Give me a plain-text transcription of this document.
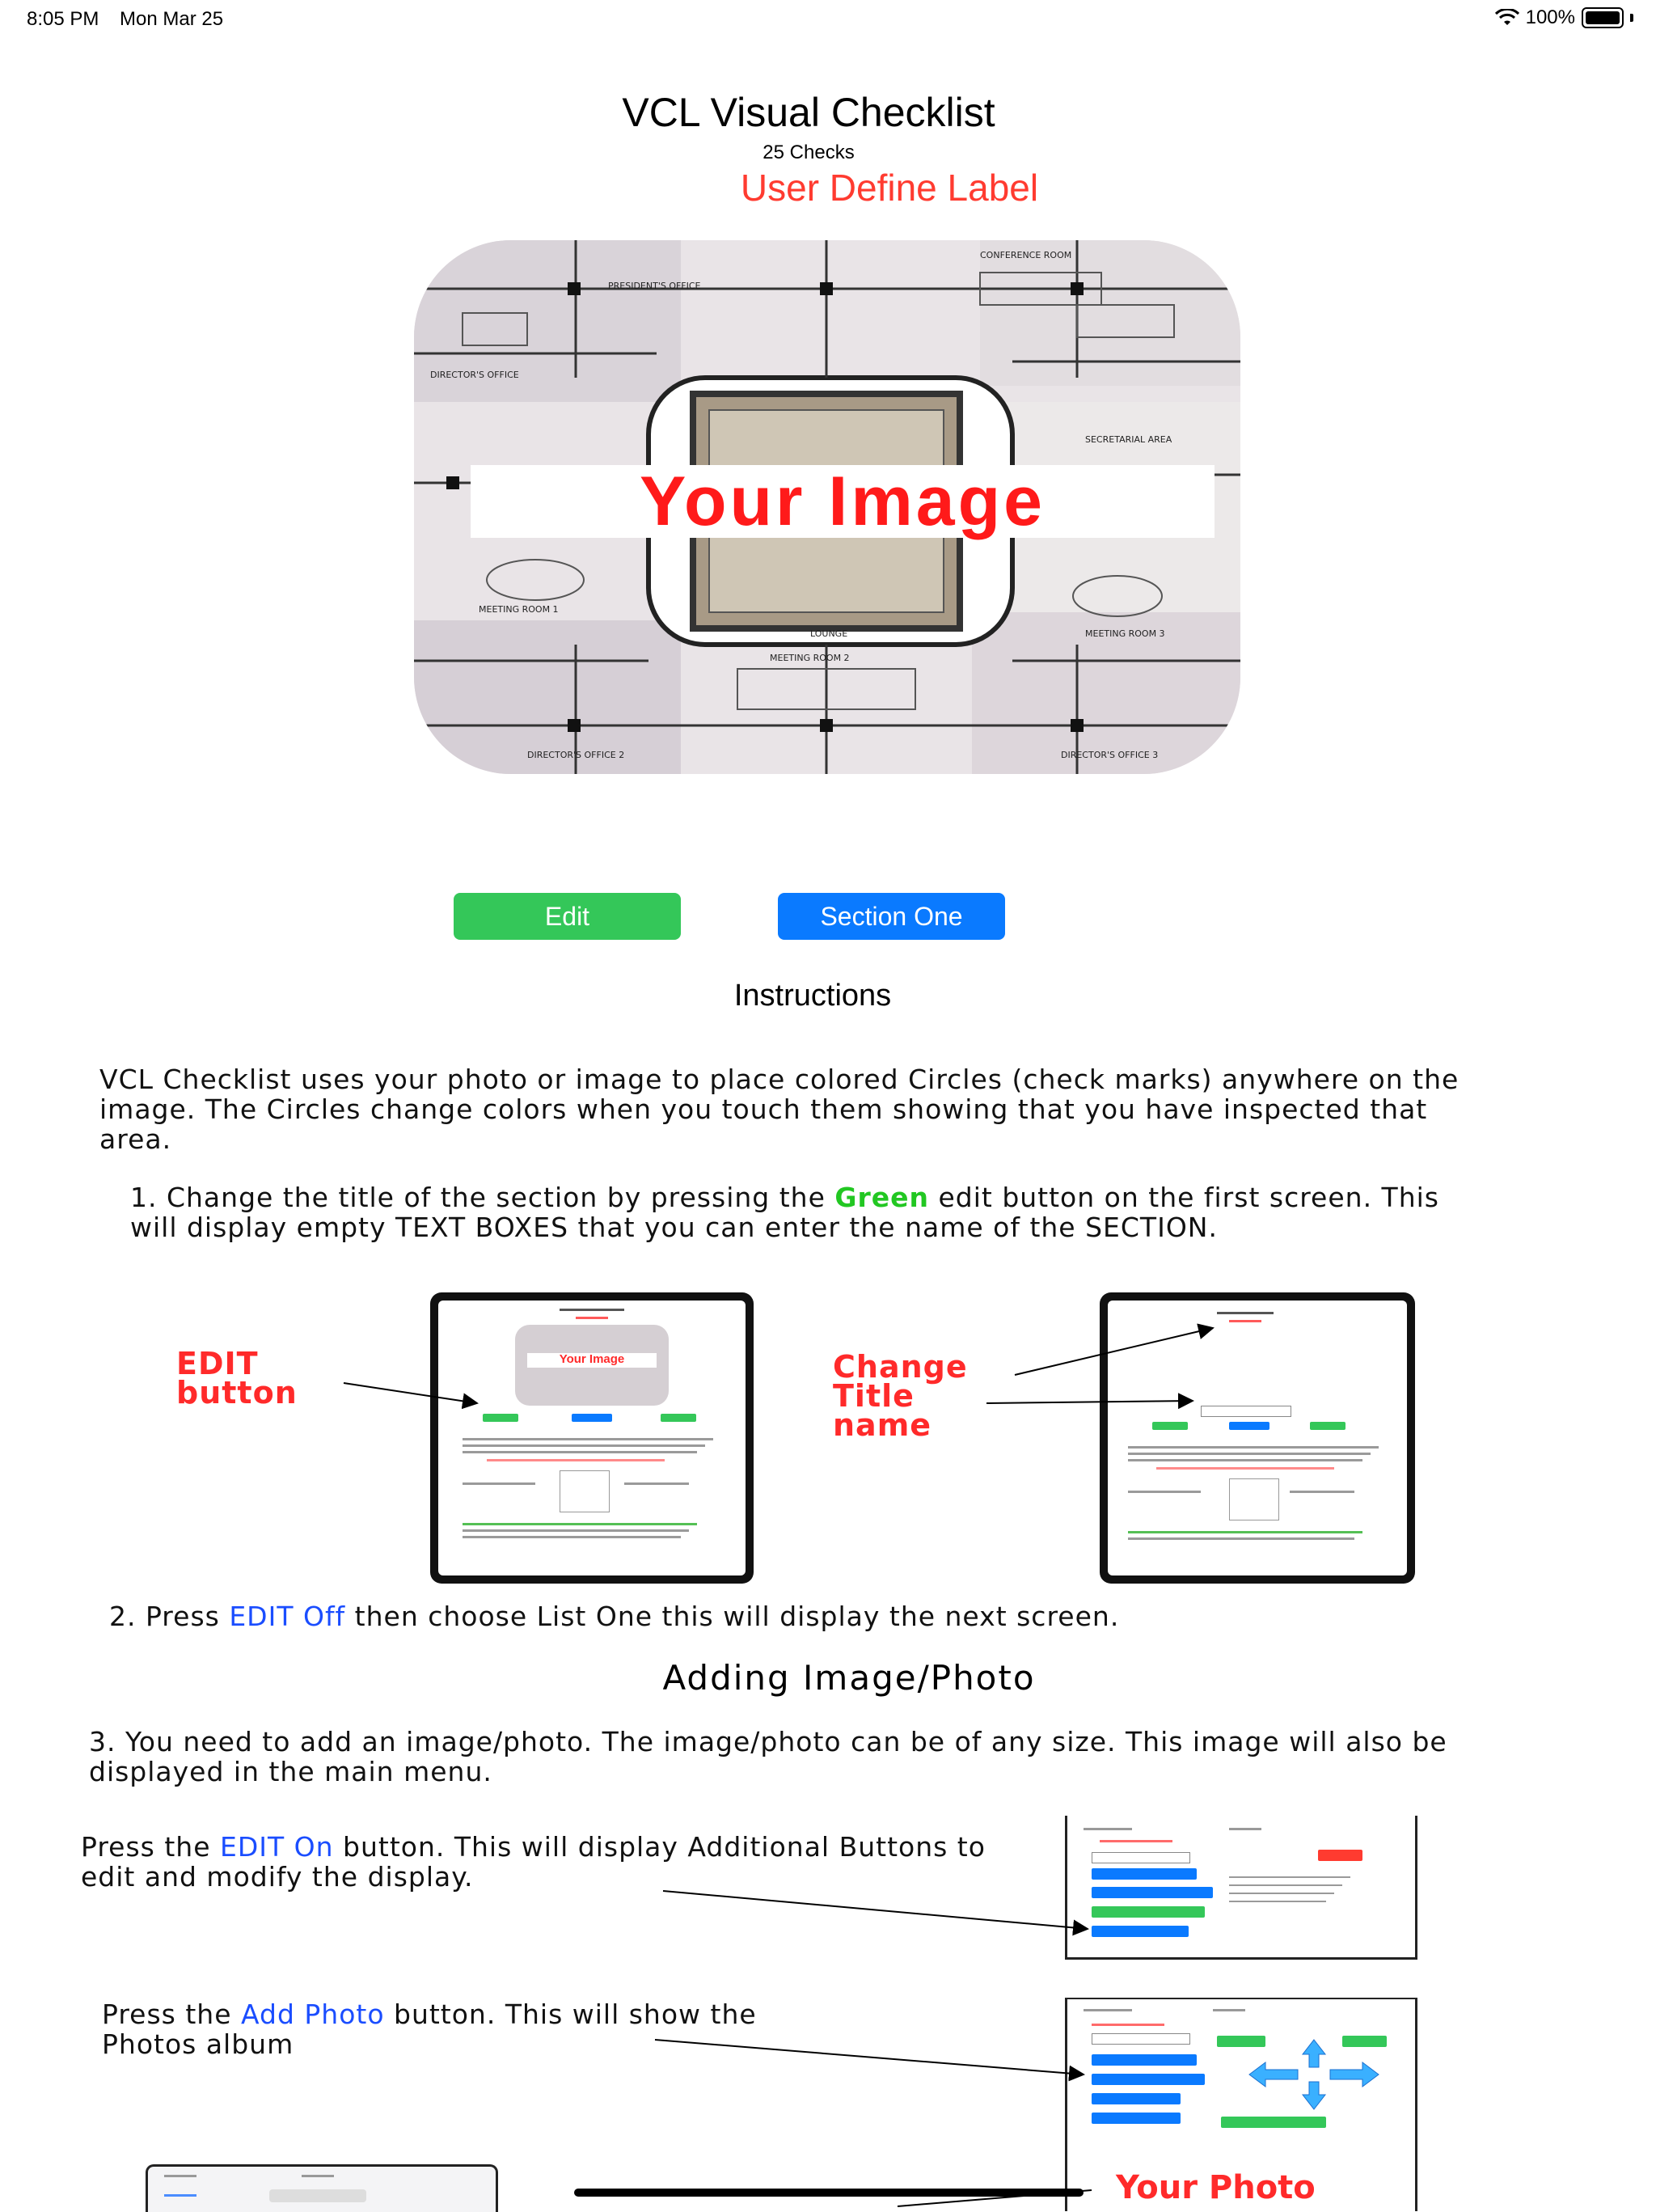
8:05 PM Mon Mar 25	100%
VCL Visual Checklist
25 Checks
User Define Label
PRESIDENT'S OFFICE
CONFERENCE ROOM
DIRECTOR'S OFFICE
MEETING ROOM 1
MEETING ROOM 2
MEETING ROOM 3
LOUNGE
DIRECTOR'S OFFICE 2	DIRECTOR'S OFFICE 3
SECRETARIAL AREA
Your Image
Edit	Section One
Instructions
VCL Checklist uses your photo or image to place colored Circles (check marks) anywhere on the image. The Circles change colors when you touch them showing that you have inspected that area.
1. Change the title of the section by pressing the Green edit button on the first screen. This will display empty TEXT BOXES that you can enter the name of the SECTION.
Your Image
EDIT button
Change Title name
2. Press EDIT Off then choose List One this will display the next screen.
Adding Image/Photo
3. You need to add an image/photo. The image/photo can be of any size. This image will also be displayed in the main menu.
Press the EDIT On button. This will display Additional Buttons to edit and modify the display.
Press the Add Photo button. This will show the Photos album
Your Photo
